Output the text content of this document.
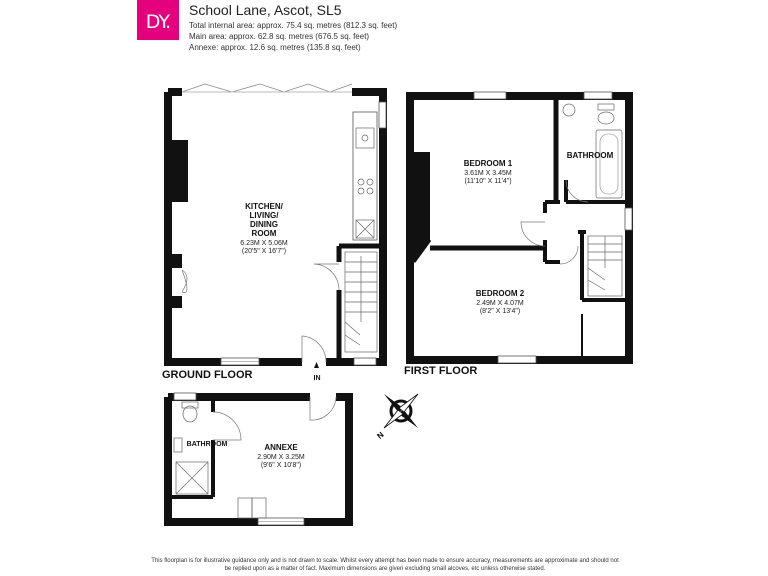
DY.
School Lane, Ascot, SL5
Total internal area: approx. 75.4 sq. metres (812.3 sq. feet)
Main area: approx. 62.8 sq. metres (676.5 sq. feet)
Annexe: approx. 12.6 sq. metres (135.8 sq. feet)
KITCHEN/
LIVING/
DINING
ROOM
6.23M X 5.06M
(20'5" X 16'7")
GROUND FLOOR	IN
BEDROOM 1
3.61M X 3.45M
(11'10" X 11'4")
BATHROOM
BEDROOM 2
2.49M X 4.07M
(8'2" X 13'4")
FIRST FLOOR
N
ANNEXE
2.90M X 3.25M
(9'6" X 10'8")
BATHROOM
This floorplan is for illustrative guidance only and is not drawn to scale. Whilst every attempt has been made to ensure accuracy, measurements are approximate and should not be replied upon as a matter of fact. Maximum dimensions are given excluding small alcoves, etc unless otherwise stated.
